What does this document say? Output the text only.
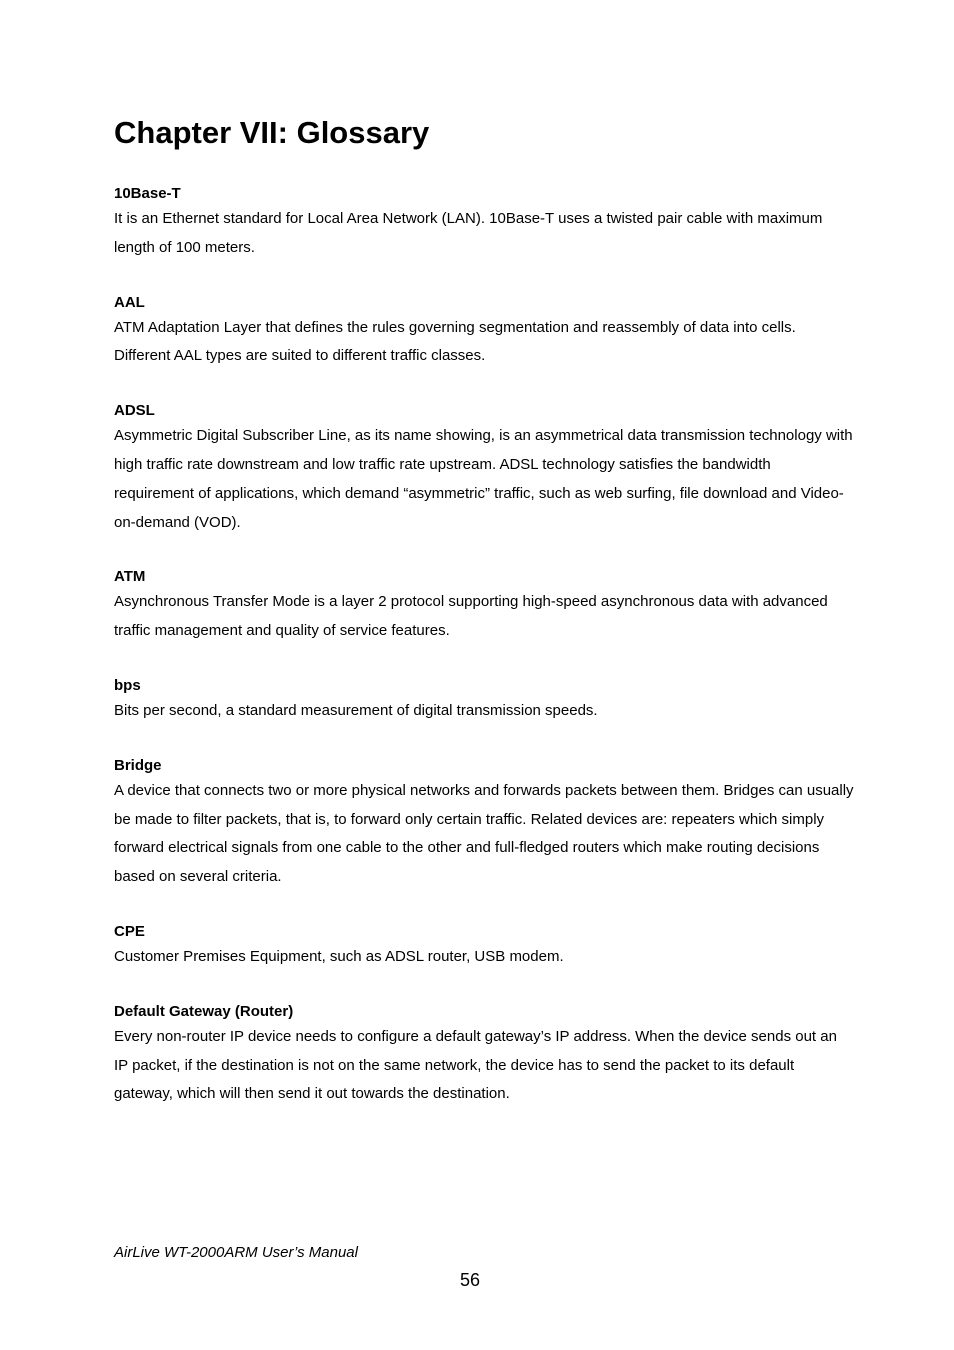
Chapter VII: Glossary

10Base-T

It is an Ethernet standard for Local Area Network (LAN). 10Base-T uses a twisted pair cable with maximum length of 100 meters.

AAL

ATM Adaptation Layer that defines the rules governing segmentation and reassembly of data into cells. Different AAL types are suited to different traffic classes.

ADSL

Asymmetric Digital Subscriber Line, as its name showing, is an asymmetrical data transmission technology with high traffic rate downstream and low traffic rate upstream. ADSL technology satisfies the bandwidth requirement of applications, which demand “asymmetric” traffic, such as web surfing, file download and Video-on-demand (VOD).

ATM

Asynchronous Transfer Mode is a layer 2 protocol supporting high-speed asynchronous data with advanced traffic management and quality of service features.

bps

Bits per second, a standard measurement of digital transmission speeds.

Bridge

A device that connects two or more physical networks and forwards packets between them. Bridges can usually be made to filter packets, that is, to forward only certain traffic. Related devices are: repeaters which simply forward electrical signals from one cable to the other and full-fledged routers which make routing decisions based on several criteria.

CPE

Customer Premises Equipment, such as ADSL router, USB modem.

Default Gateway (Router)

Every non-router IP device needs to configure a default gateway’s IP address. When the device sends out an IP packet, if the destination is not on the same network, the device has to send the packet to its default gateway, which will then send it out towards the destination.

AirLive WT-2000ARM User’s Manual
56
